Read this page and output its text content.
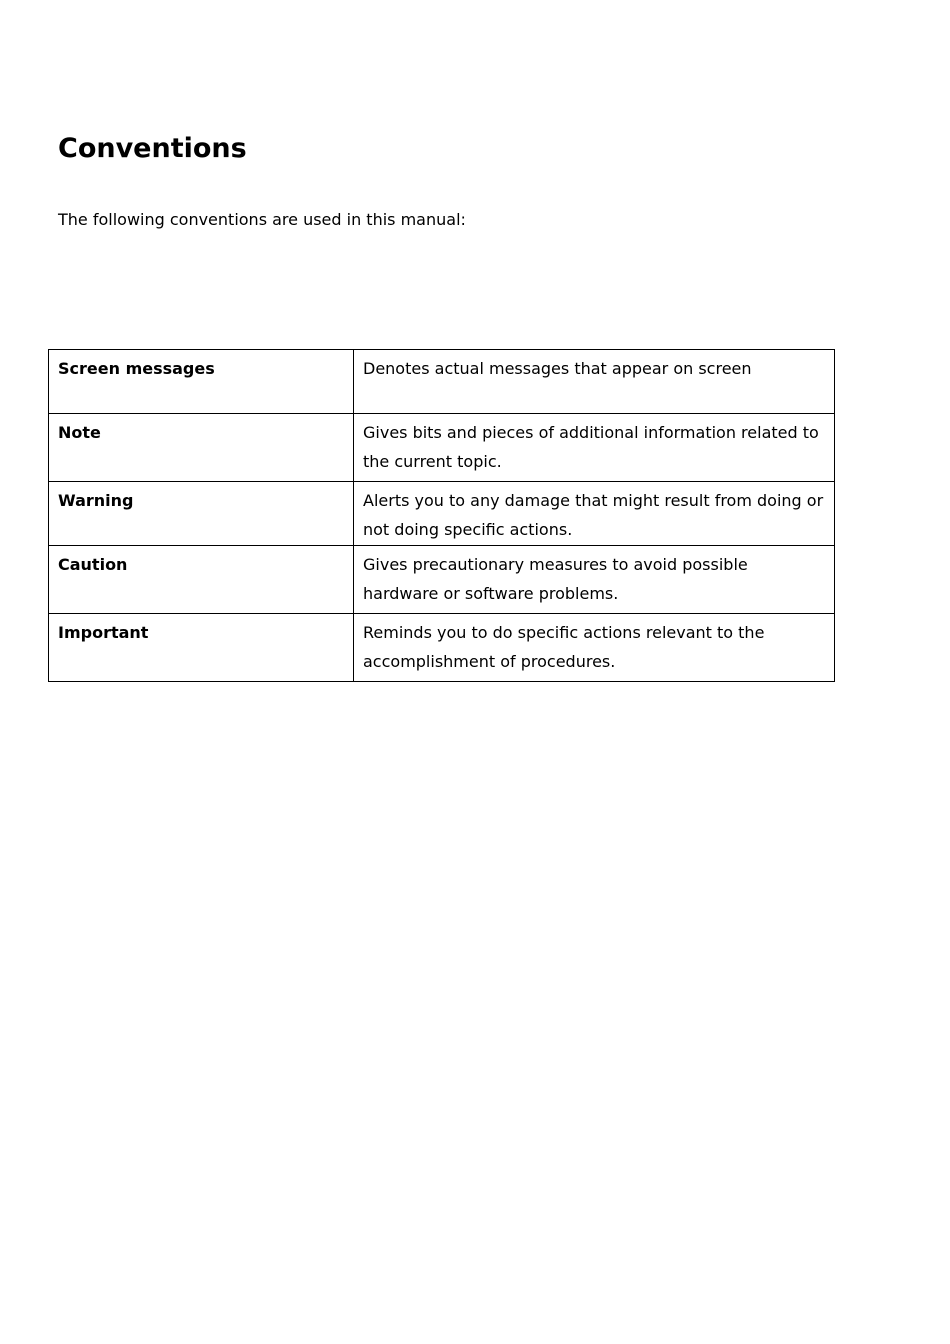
Conventions

The following conventions are used in this manual:

Screen messages	Denotes actual messages that appear on screen
Note	Gives bits and pieces of additional information related to the current topic.
Warning	Alerts you to any damage that might result from doing or not doing specific actions.
Caution	Gives precautionary measures to avoid possible hardware or software problems.
Important	Reminds you to do specific actions relevant to the accomplishment of procedures.
